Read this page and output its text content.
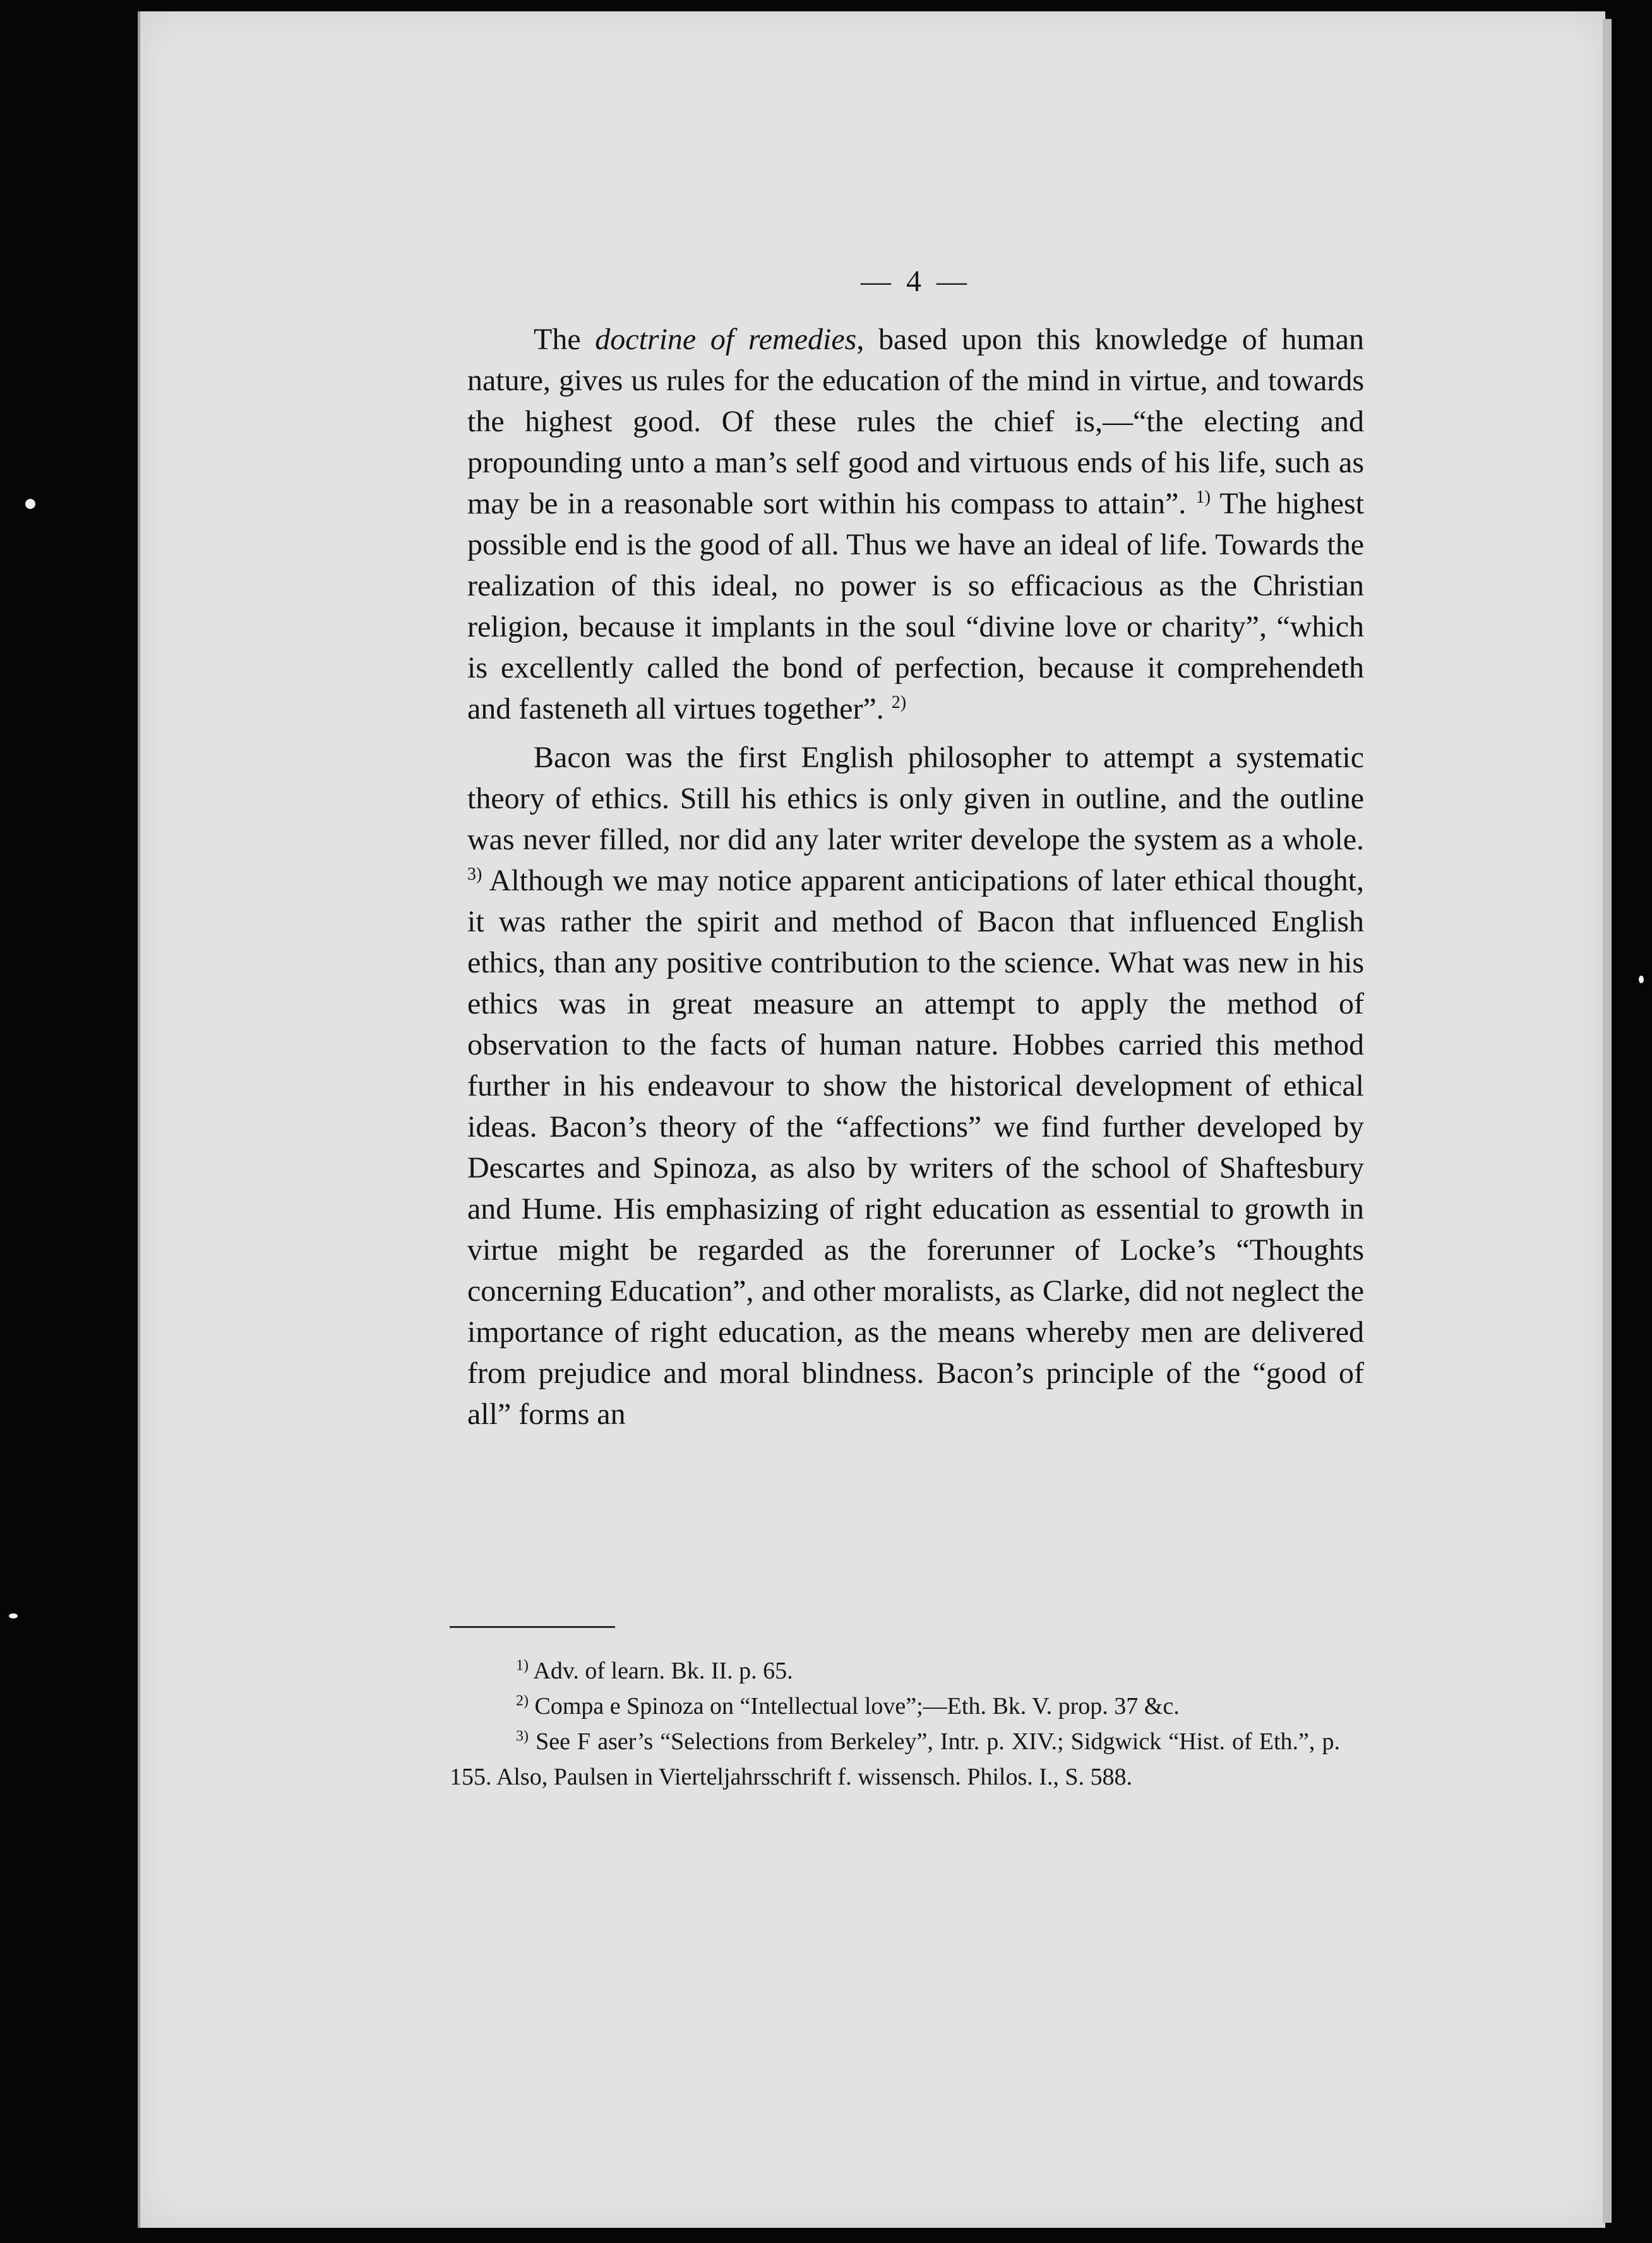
— 4 —

The doctrine of remedies, based upon this knowledge of human nature, gives us rules for the education of the mind in virtue, and towards the highest good. Of these rules the chief is,—“the electing and propounding unto a man’s self good and virtuous ends of his life, such as may be in a reasonable sort within his compass to attain”. $^{1)}$ The highest possible end is the good of all. Thus we have an ideal of life. Towards the realization of this ideal, no power is so efficacious as the Christian religion, because it implants in the soul “divine love or charity”, “which is excellently called the bond of perfection, because it comprehendeth and fasteneth all virtues together”. $^{2)}$

Bacon was the first English philosopher to attempt a systematic theory of ethics. Still his ethics is only given in outline, and the outline was never filled, nor did any later writer develope the system as a whole. $^{3)}$ Although we may notice apparent anticipations of later ethical thought, it was rather the spirit and method of Bacon that influenced English ethics, than any positive contribution to the science. What was new in his ethics was in great measure an attempt to apply the method of observation to the facts of human nature. Hobbes carried this method further in his endeavour to show the historical development of ethical ideas. Bacon’s theory of the “affections” we find further developed by Descartes and Spinoza, as also by writers of the school of Shaftesbury and Hume. His emphasizing of right education as essential to growth in virtue might be regarded as the forerunner of Locke’s “Thoughts concerning Education”, and other moralists, as Clarke, did not neglect the importance of right education, as the means whereby men are delivered from prejudice and moral blindness. Bacon’s principle of the “good of all” forms an

$^{1)}$ Adv. of learn. Bk. II. p. 65.
$^{2)}$ Compa e Spinoza on “Intellectual love”;—Eth. Bk. V. prop. 37 &c.
$^{3)}$ See F aser’s “Selections from Berkeley”, Intr. p. XIV.; Sidgwick “Hist. of Eth.”, p. 155. Also, Paulsen in Vierteljahrsschrift f. wissensch. Philos. I., S. 588.
